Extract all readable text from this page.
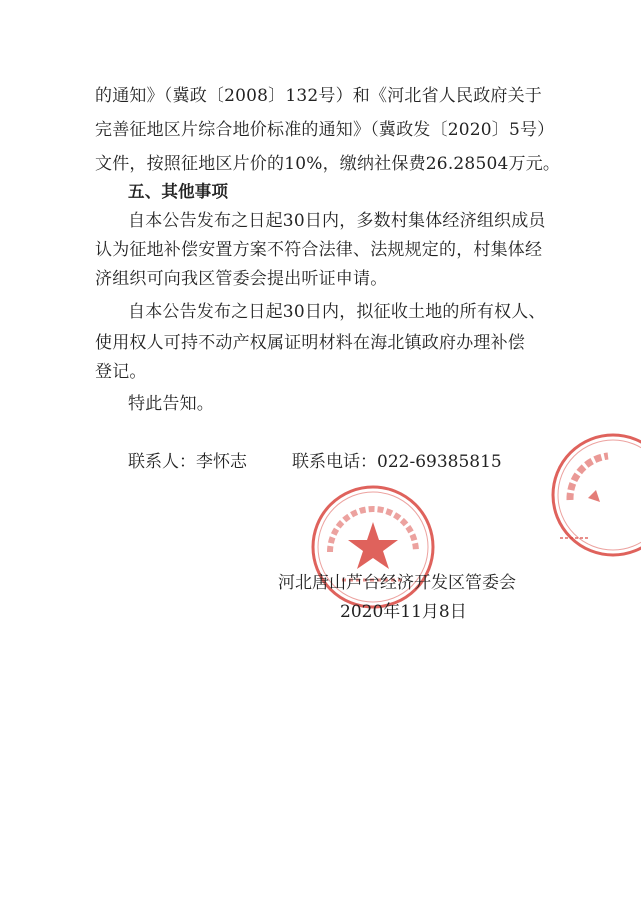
的通知》（冀政〔2008〕132号）和《河北省人民政府关于
完善征地区片综合地价标准的通知》（冀政发〔2020〕5号）
文件，按照征地区片价的10%，缴纳社保费26.28504万元。
五、其他事项
自本公告发布之日起30日内，多数村集体经济组织成员
认为征地补偿安置方案不符合法律、法规规定的，村集体经
济组织可向我区管委会提出听证申请。
自本公告发布之日起30日内，拟征收土地的所有权人、
使用权人可持不动产权属证明材料在海北镇政府办理补偿
登记。
特此告知。
联系人：李怀志	联系电话：022-69385815
河北唐山芦台经济开发区管委会
2020年11月8日
